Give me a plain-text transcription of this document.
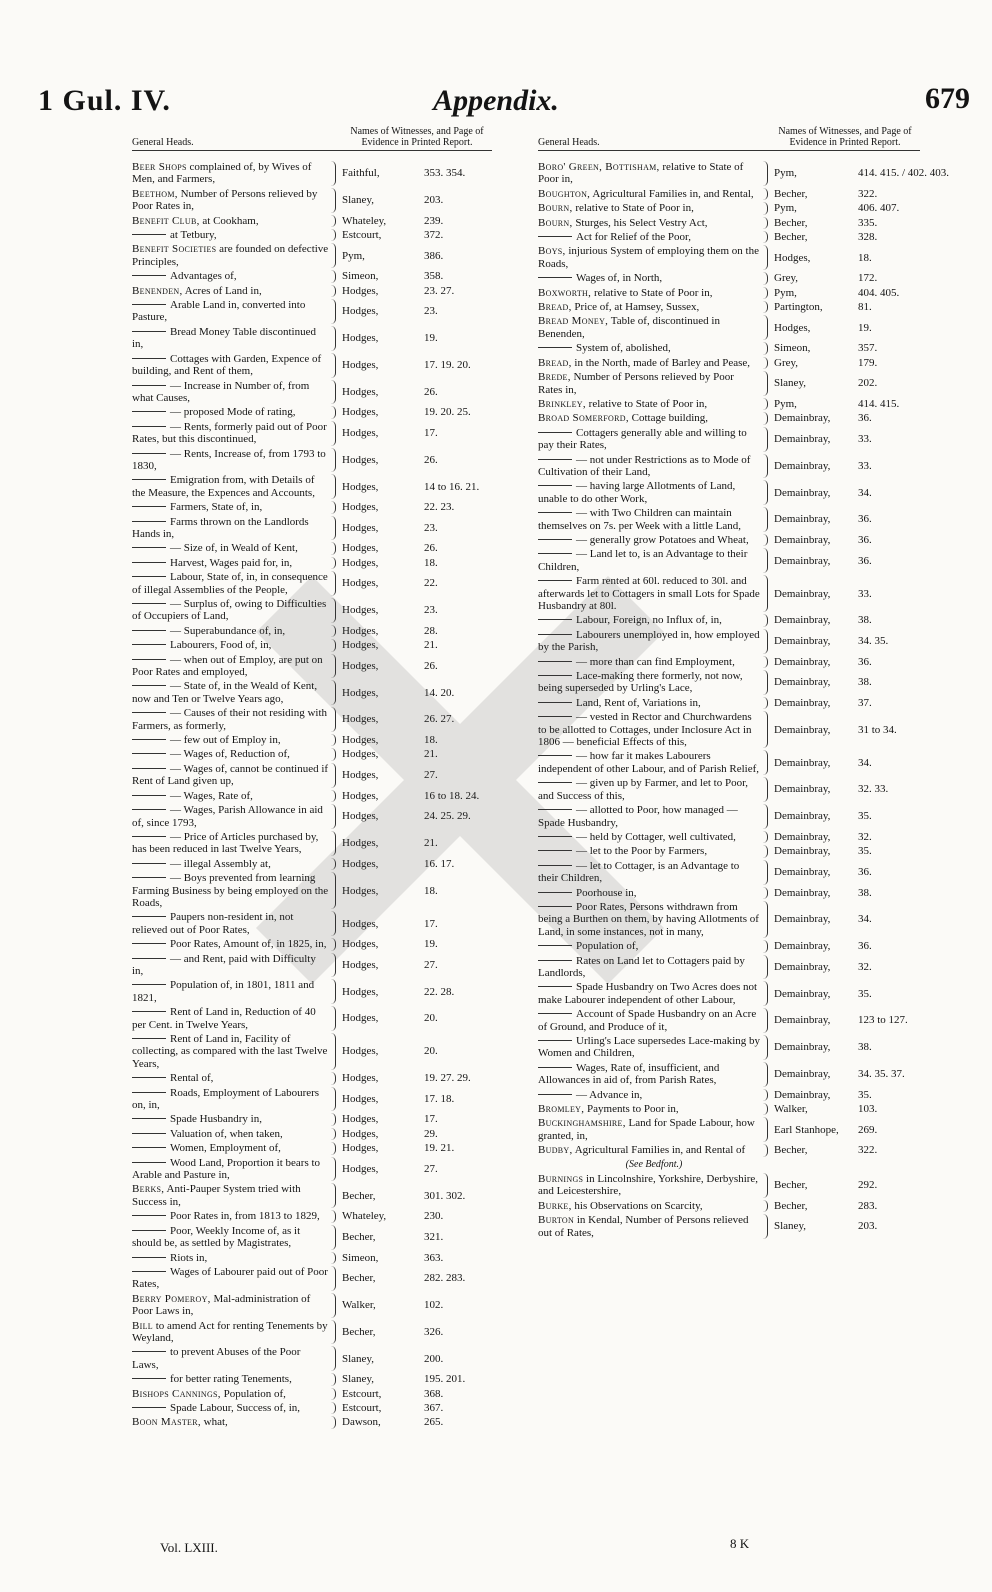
1 Gul. IV.	Appendix.	679
General Heads.
Names of Witnesses, and Page of Evidence in Printed Report.
Beer Shops complained of, by Wives of Men, and Farmers,
Faithful,	353. 354.
Beethom, Number of Persons relieved by Poor Rates in,
Slaney,	203.
Benefit Club, at Cookham,	Whateley,	239.
at Tetbury,	Estcourt,	372.
Benefit Societies are founded on defective Principles,
Pym,	386.
Advantages of,	Simeon,	358.
Benenden, Acres of Land in,	Hodges,	23. 27.
Arable Land in, converted into Pasture,
Hodges,	23.
Bread Money Table discontinued in,
Hodges,	19.
Cottages with Garden, Expence of building, and Rent of them,
Hodges,	17. 19. 20.
— Increase in Number of, from what Causes,
Hodges,	26.
— proposed Mode of rating,	Hodges,	19. 20. 25.
— Rents, formerly paid out of Poor Rates, but this discontinued,
Hodges,	17.
— Rents, Increase of, from 1793 to 1830,
Hodges,	26.
Emigration from, with Details of the Measure, the Expences and Accounts,
Hodges,	14 to 16. 21.
Farmers, State of, in,	Hodges,	22. 23.
Farms thrown on the Landlords Hands in,
Hodges,	23.
— Size of, in Weald of Kent,	Hodges,	26.
Harvest, Wages paid for, in,	Hodges,	18.
Labour, State of, in, in consequence of illegal Assemblies of the People,
Hodges,	22.
— Surplus of, owing to Difficulties of Occupiers of Land,
Hodges,	23.
— Superabundance of, in,	Hodges,	28.
Labourers, Food of, in,	Hodges,	21.
— when out of Employ, are put on Poor Rates and employed,
Hodges,	26.
— State of, in the Weald of Kent, now and Ten or Twelve Years ago,
Hodges,	14. 20.
— Causes of their not residing with Farmers, as formerly,
Hodges,	26. 27.
— few out of Employ in,	Hodges,	18.
— Wages of, Reduction of,	Hodges,	21.
— Wages of, cannot be continued if Rent of Land given up,
Hodges,	27.
— Wages, Rate of,	Hodges,	16 to 18. 24.
— Wages, Parish Allowance in aid of, since 1793,
Hodges,	24. 25. 29.
— Price of Articles purchased by, has been reduced in last Twelve Years,
Hodges,	21.
— illegal Assembly at,	Hodges,	16. 17.
— Boys prevented from learning Farming Business by being employed on the Roads,
Hodges,	18.
Paupers non-resident in, not relieved out of Poor Rates,
Hodges,	17.
Poor Rates, Amount of, in 1825, in,	Hodges,	19.
— and Rent, paid with Difficulty in,
Hodges,	27.
Population of, in 1801, 1811 and 1821,
Hodges,	22. 28.
Rent of Land in, Reduction of 40 per Cent. in Twelve Years,
Hodges,	20.
Rent of Land in, Facility of collecting, as compared with the last Twelve Years,
Hodges,	20.
Rental of,	Hodges,	19. 27. 29.
Roads, Employment of Labourers on, in,
Hodges,	17. 18.
Spade Husbandry in,	Hodges,	17.
Valuation of, when taken,	Hodges,	29.
Women, Employment of,	Hodges,	19. 21.
Wood Land, Proportion it bears to Arable and Pasture in,
Hodges,	27.
Berks, Anti-Pauper System tried with Success in,
Becher,	301. 302.
Poor Rates in, from 1813 to 1829,	Whateley,	230.
Poor, Weekly Income of, as it should be, as settled by Magistrates,
Becher,	321.
Riots in,	Simeon,	363.
Wages of Labourer paid out of Poor Rates,
Becher,	282. 283.
Berry Pomeroy, Mal-administration of Poor Laws in,
Walker,	102.
Bill to amend Act for renting Tenements by Weyland,
Becher,	326.
to prevent Abuses of the Poor Laws,
Slaney,	200.
for better rating Tenements,	Slaney,	195. 201.
Bishops Cannings, Population of,	Estcourt,	368.
Spade Labour, Success of, in,	Estcourt,	367.
Boon Master, what,	Dawson,	265.
General Heads.
Names of Witnesses, and Page of Evidence in Printed Report.
Boro' Green, Bottisham, relative to State of Poor in,
Pym,	414. 415. / 402. 403.
Boughton, Agricultural Families in, and Rental,	Becher,	322.
Bourn, relative to State of Poor in,	Pym,	406. 407.
Bourn, Sturges, his Select Vestry Act,	Becher,	335.
Act for Relief of the Poor,	Becher,	328.
Boys, injurious System of employing them on the Roads,
Hodges,	18.
Wages of, in North,	Grey,	172.
Boxworth, relative to State of Poor in,	Pym,	404. 405.
Bread, Price of, at Hamsey, Sussex,	Partington,	81.
Bread Money, Table of, discontinued in Benenden,
Hodges,	19.
System of, abolished,	Simeon,	357.
Bread, in the North, made of Barley and Pease,	Grey,	179.
Brede, Number of Persons relieved by Poor Rates in,
Slaney,	202.
Brinkley, relative to State of Poor in,	Pym,	414. 415.
Broad Somerford, Cottage building,	Demainbray,	36.
Cottagers generally able and willing to pay their Rates,
Demainbray,	33.
— not under Restrictions as to Mode of Cultivation of their Land,
Demainbray,	33.
— having large Allotments of Land, unable to do other Work,
Demainbray,	34.
— with Two Children can maintain themselves on 7s. per Week with a little Land,
Demainbray,	36.
— generally grow Potatoes and Wheat,	Demainbray,	36.
— Land let to, is an Advantage to their Children,
Demainbray,	36.
Farm rented at 60l. reduced to 30l. and afterwards let to Cottagers in small Lots for Spade Husbandry at 80l.
Demainbray,	33.
Labour, Foreign, no Influx of, in,	Demainbray,	38.
Labourers unemployed in, how employed by the Parish,
Demainbray,	34. 35.
— more than can find Employment,	Demainbray,	36.
Lace-making there formerly, not now, being superseded by Urling's Lace,
Demainbray,	38.
Land, Rent of, Variations in,	Demainbray,	37.
— vested in Rector and Churchwardens to be allotted to Cottages, under Inclosure Act in 1806 — beneficial Effects of this,
Demainbray,	31 to 34.
— how far it makes Labourers independent of other Labour, and of Parish Relief,
Demainbray,	34.
— given up by Farmer, and let to Poor, and Success of this,
Demainbray,	32. 33.
— allotted to Poor, how managed — Spade Husbandry,
Demainbray,	35.
— held by Cottager, well cultivated,	Demainbray,	32.
— let to the Poor by Farmers,	Demainbray,	35.
— let to Cottager, is an Advantage to their Children,
Demainbray,	36.
Poorhouse in,	Demainbray,	38.
Poor Rates, Persons withdrawn from being a Burthen on them, by having Allotments of Land, in some instances, not in many,
Demainbray,	34.
Population of,	Demainbray,	36.
Rates on Land let to Cottagers paid by Landlords,
Demainbray,	32.
Spade Husbandry on Two Acres does not make Labourer independent of other Labour,
Demainbray,	35.
Account of Spade Husbandry on an Acre of Ground, and Produce of it,
Demainbray,	123 to 127.
Urling's Lace supersedes Lace-making by Women and Children,
Demainbray,	38.
Wages, Rate of, insufficient, and Allowances in aid of, from Parish Rates,
Demainbray,	34. 35. 37.
— Advance in,	Demainbray,	35.
Bromley, Payments to Poor in,	Walker,	103.
Buckinghamshire, Land for Spade Labour, how granted, in,
Earl Stanhope,	269.
Budby, Agricultural Families in, and Rental of	Becher,	322.
(See Bedfont.)
Burnings in Lincolnshire, Yorkshire, Derbyshire, and Leicestershire,
Becher,	292.
Burke, his Observations on Scarcity,	Becher,	283.
Burton in Kendal, Number of Persons relieved out of Rates,
Slaney,	203.
Vol. LXIII.	8 K
